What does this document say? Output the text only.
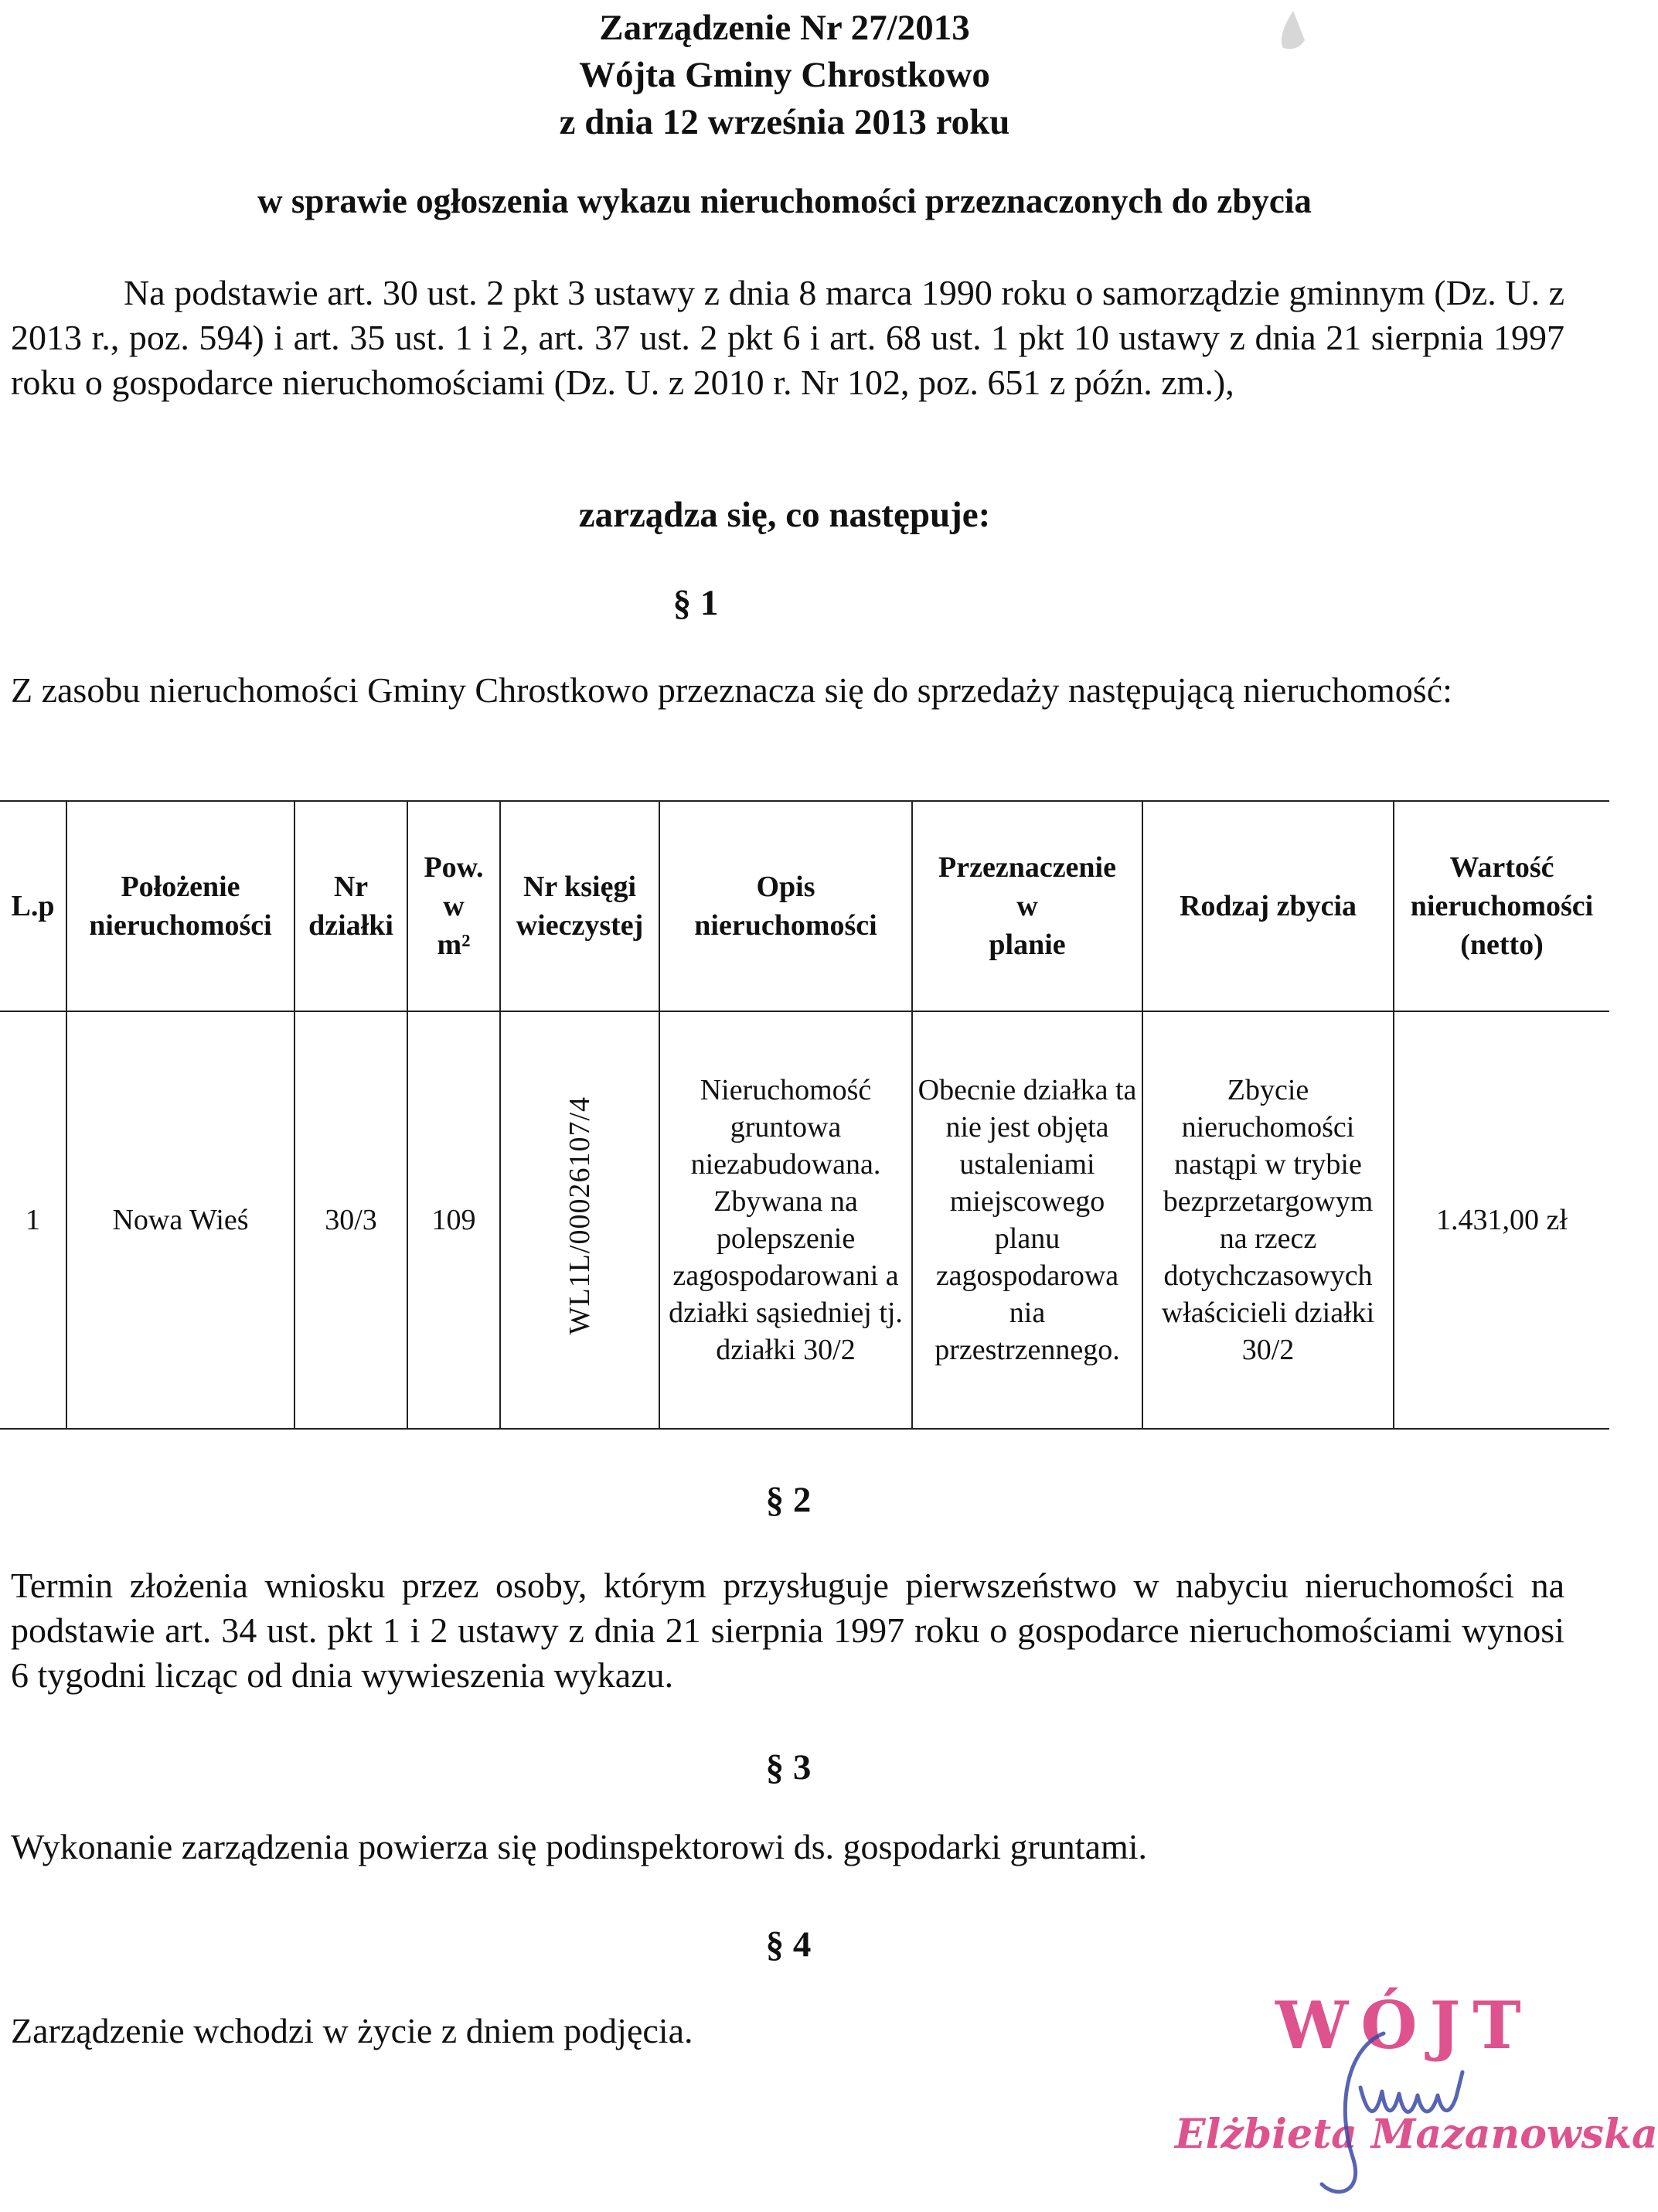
Zarządzenie Nr 27/2013
Wójta Gminy Chrostkowo
z dnia 12 września 2013 roku
w sprawie ogłoszenia wykazu nieruchomości przeznaczonych do zbycia
Na podstawie art. 30 ust. 2 pkt 3 ustawy z dnia 8 marca 1990 roku o samorządzie gminnym (Dz. U. z 2013 r., poz. 594) i art. 35 ust. 1 i 2, art. 37 ust. 2 pkt 6 i art. 68 ust. 1 pkt 10 ustawy z dnia 21 sierpnia 1997 roku o gospodarce nieruchomościami (Dz. U. z 2010 r. Nr 102, poz. 651 z późn. zm.),
zarządza się, co następuje:
§ 1
Z zasobu nieruchomości Gminy Chrostkowo przeznacza się do sprzedaży następującą nieruchomość:
L.p	Położenie nieruchomości	Nr działki	Pow.
w
m²	Nr księgi wieczystej	Opis nieruchomości	Przeznaczenie
w
planie	Rodzaj zbycia	Wartość nieruchomości (netto)
1	Nowa Wieś	30/3	109	WL1L/00026107/4	Nieruchomość gruntowa niezabudowana. Zbywana na polepszenie zagospodarowani a działki sąsiedniej tj. działki 30/2	Obecnie działka ta nie jest objęta ustaleniami miejscowego planu zagospodarowa nia przestrzennego.	Zbycie nieruchomości nastąpi w trybie bezprzetargowym na rzecz dotychczasowych właścicieli działki 30/2	1.431,00 zł
§ 2
Termin złożenia wniosku przez osoby, którym przysługuje pierwszeństwo w nabyciu nieruchomości na podstawie art. 34 ust. pkt 1 i 2 ustawy z dnia 21 sierpnia 1997 roku o gospodarce nieruchomościami wynosi 6 tygodni licząc od dnia wywieszenia wykazu.
§ 3
Wykonanie zarządzenia powierza się podinspektorowi ds. gospodarki gruntami.
§ 4
Zarządzenie wchodzi w życie z dniem podjęcia.	WÓJT
Elżbieta Mazanowska
